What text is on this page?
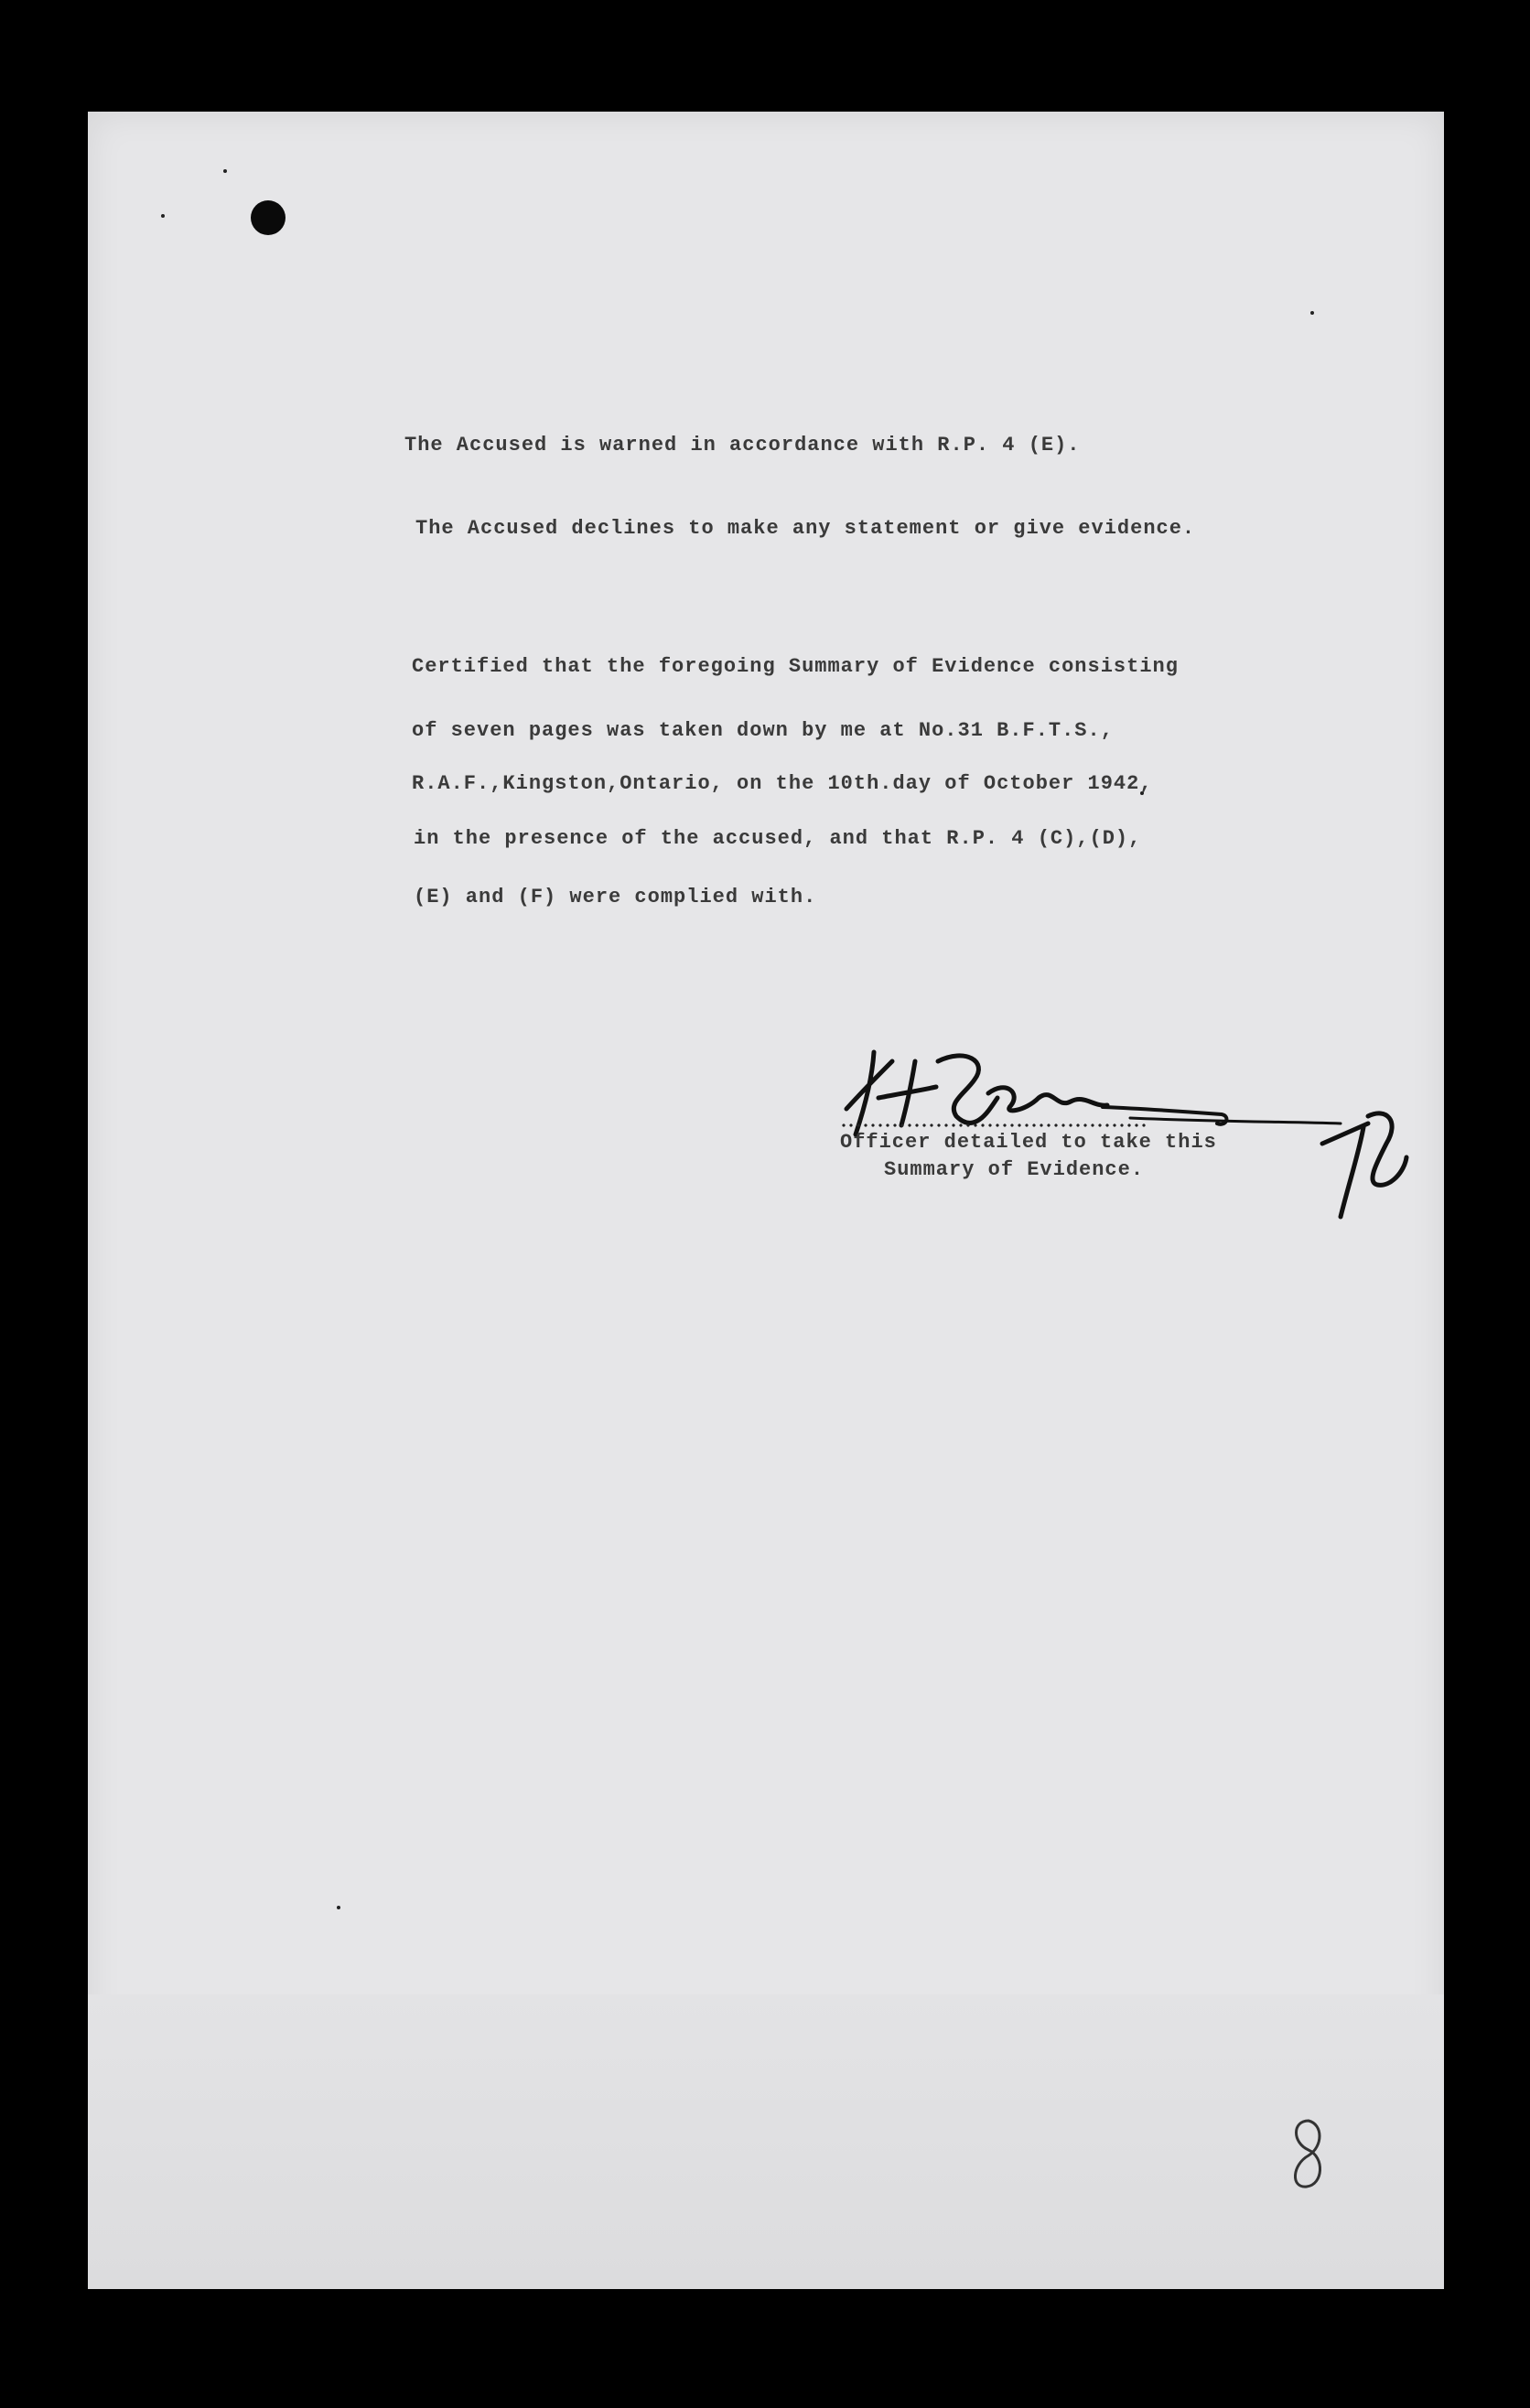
The Accused is warned in accordance with R.P. 4 (E).

The Accused declines to make any statement or give evidence.

Certified that the foregoing Summary of Evidence consisting

of seven pages was taken down by me at No.31 B.F.T.S.,

R.A.F.,Kingston,Ontario, on the 10th.day of October 1942,

in the presence of the accused, and that R.P. 4 (C),(D),

(E) and (F) were complied with.

Officer detailed to take this
Summary of Evidence.
